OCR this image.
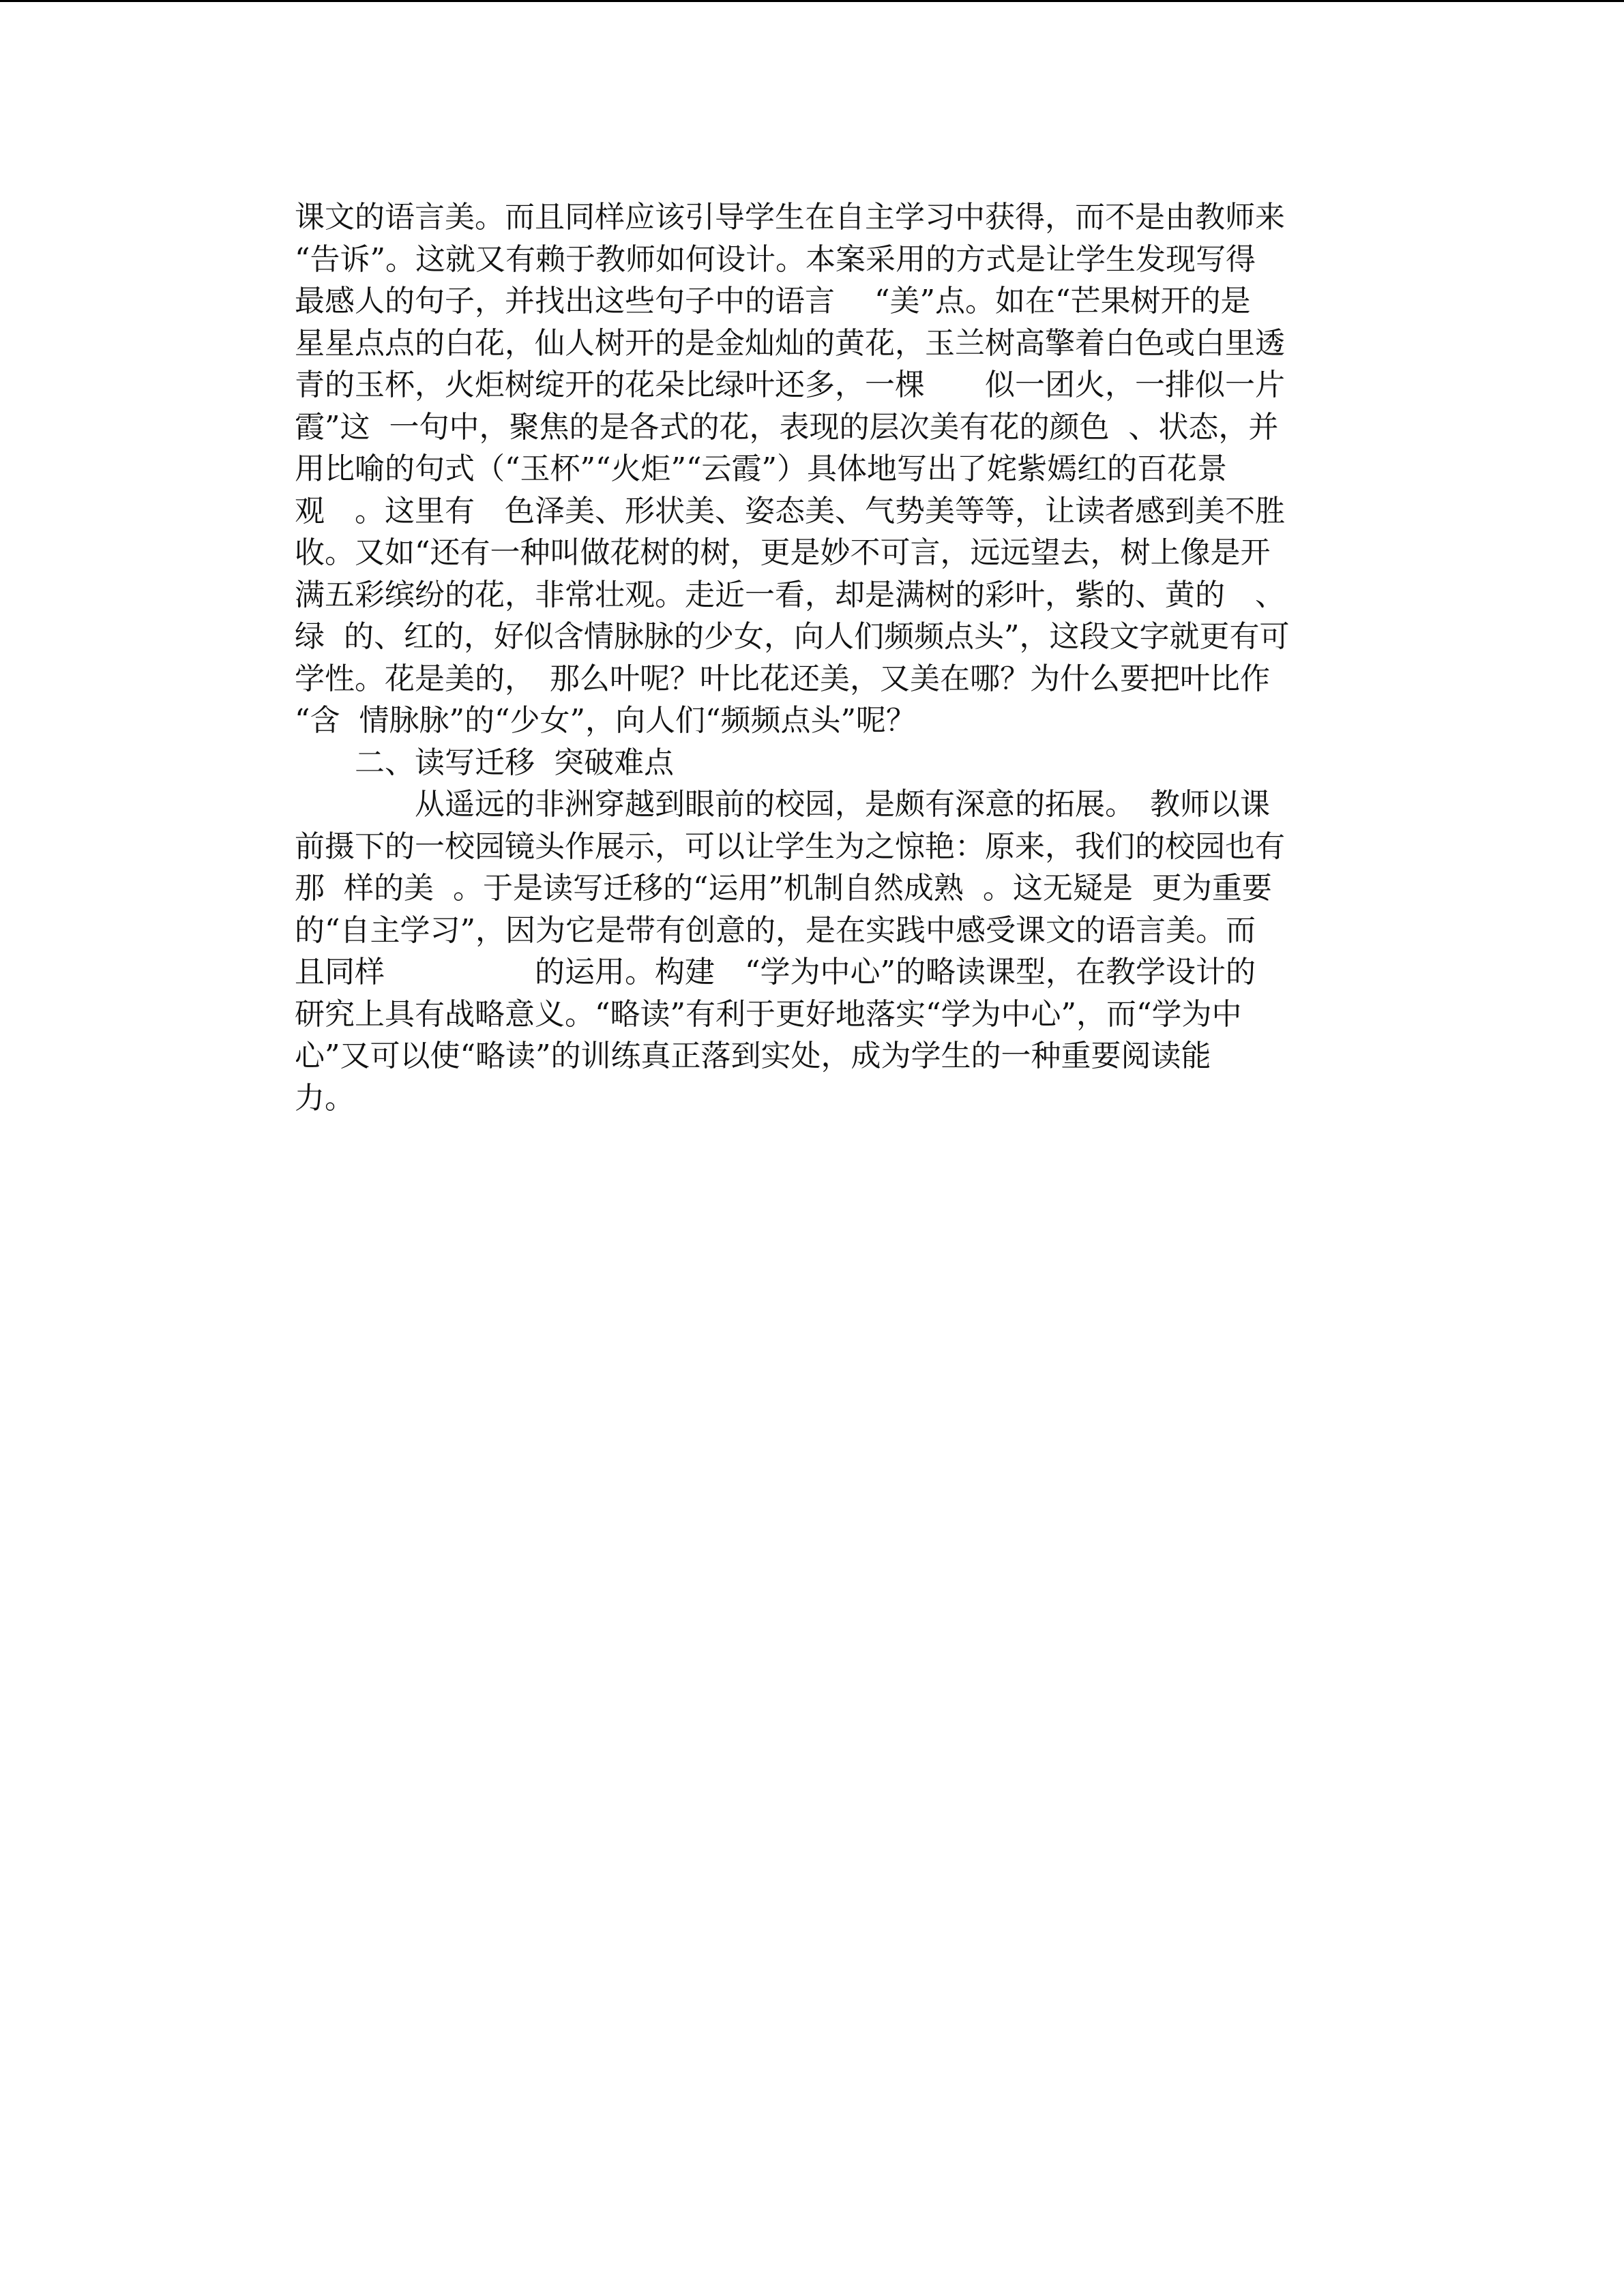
课文的语言美。而且同样应该引导学生在自主学习中获得，而不是由教师来
“告诉”。这就又有赖于教师如何设计。本案采用的方式是让学生发现写得
最感人的句子，并找出这些句子中的语言　 “美”点。如在“芒果树开的是
星星点点的白花，仙人树开的是金灿灿的黄花，玉兰树高擎着白色或白里透
青的玉杯，火炬树绽开的花朵比绿叶还多，一棵　　似一团火，一排似一片
霞”这  一句中，聚焦的是各式的花，表现的层次美有花的颜色  、状态，并
用比喻的句式（“玉杯”“火炬”“云霞”）具体地写出了姹紫嫣红的百花景
观　。这里有　色泽美、形状美、姿态美、气势美等等，让读者感到美不胜
收。又如“还有一种叫做花树的树，更是妙不可言，远远望去，树上像是开
满五彩缤纷的花，非常壮观。走近一看，却是满树的彩叶，紫的、黄的　、
绿  的、红的，好似含情脉脉的少女，向人们频频点头”，这段文字就更有可
学性。花是美的，　那么叶呢？叶比花还美，又美在哪？为什么要把叶比作
“含  情脉脉”的“少女”，向人们“频频点头”呢？
　　二、读写迁移  突破难点
　　　　从遥远的非洲穿越到眼前的校园，是颇有深意的拓展。　教师以课
前摄下的一校园镜头作展示，可以让学生为之惊艳：原来，我们的校园也有
那  样的美  。于是读写迁移的“运用”机制自然成熟  。这无疑是  更为重要
的“自主学习”，因为它是带有创意的，是在实践中感受课文的语言美。而
且同样　　　　　的运用。构建　“学为中心”的略读课型，在教学设计的
研究上具有战略意义。“略读”有利于更好地落实“学为中心”，而“学为中
心”又可以使“略读”的训练真正落到实处，成为学生的一种重要阅读能
力。
